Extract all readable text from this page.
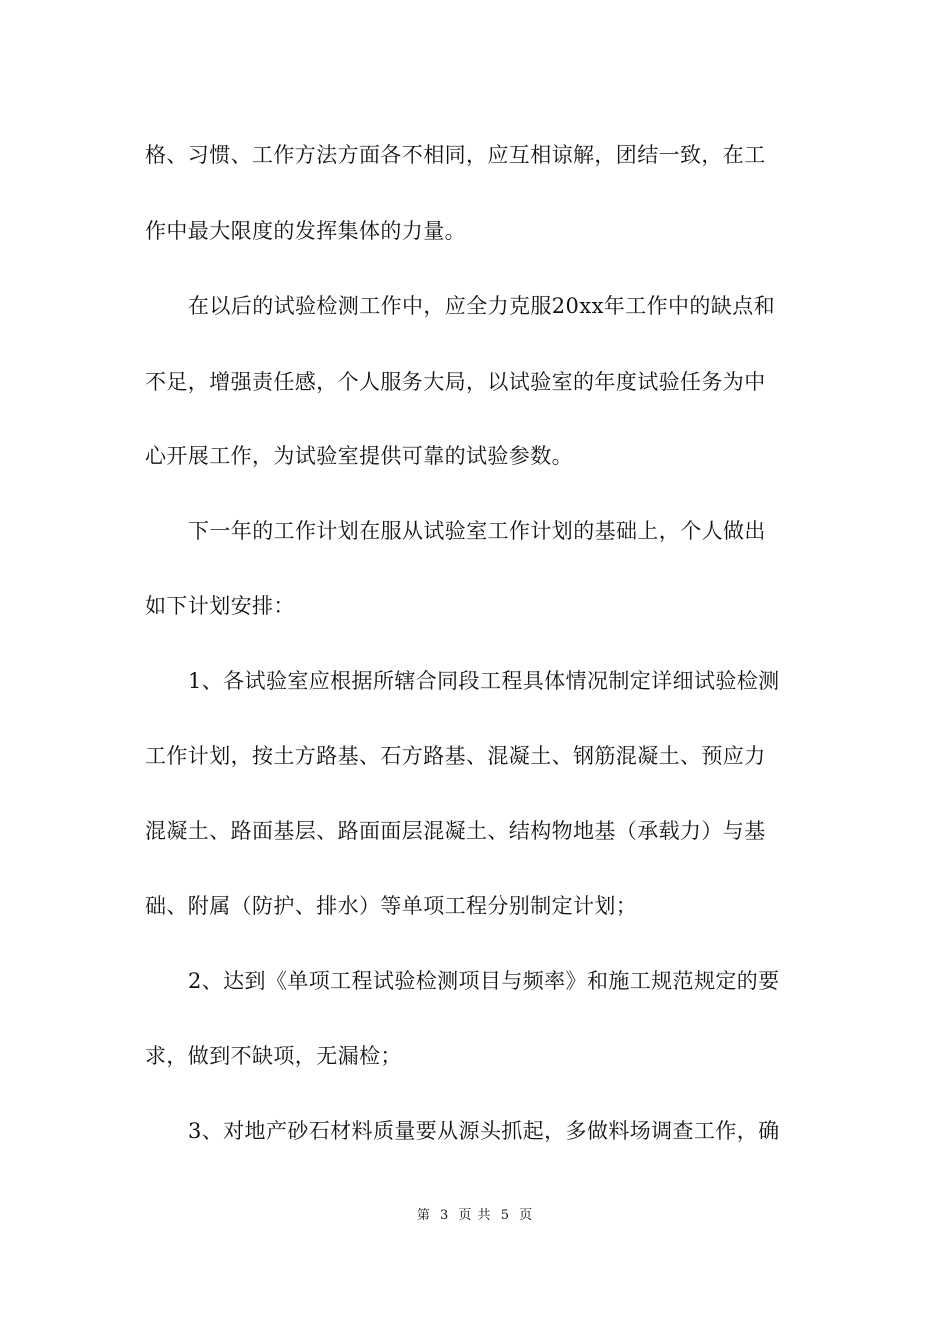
格、习惯、工作方法方面各不相同，应互相谅解，团结一致，在工
作中最大限度的发挥集体的力量。
在以后的试验检测工作中，应全力克服20xx年工作中的缺点和
不足，增强责任感，个人服务大局，以试验室的年度试验任务为中
心开展工作，为试验室提供可靠的试验参数。
下一年的工作计划在服从试验室工作计划的基础上，个人做出
如下计划安排：
1、各试验室应根据所辖合同段工程具体情况制定详细试验检测
工作计划，按土方路基、石方路基、混凝土、钢筋混凝土、预应力
混凝土、路面基层、路面面层混凝土、结构物地基（承载力）与基
础、附属（防护、排水）等单项工程分别制定计划；
2、达到《单项工程试验检测项目与频率》和施工规范规定的要
求，做到不缺项，无漏检；
3、对地产砂石材料质量要从源头抓起，多做料场调查工作，确
第 3 页 共 5 页
